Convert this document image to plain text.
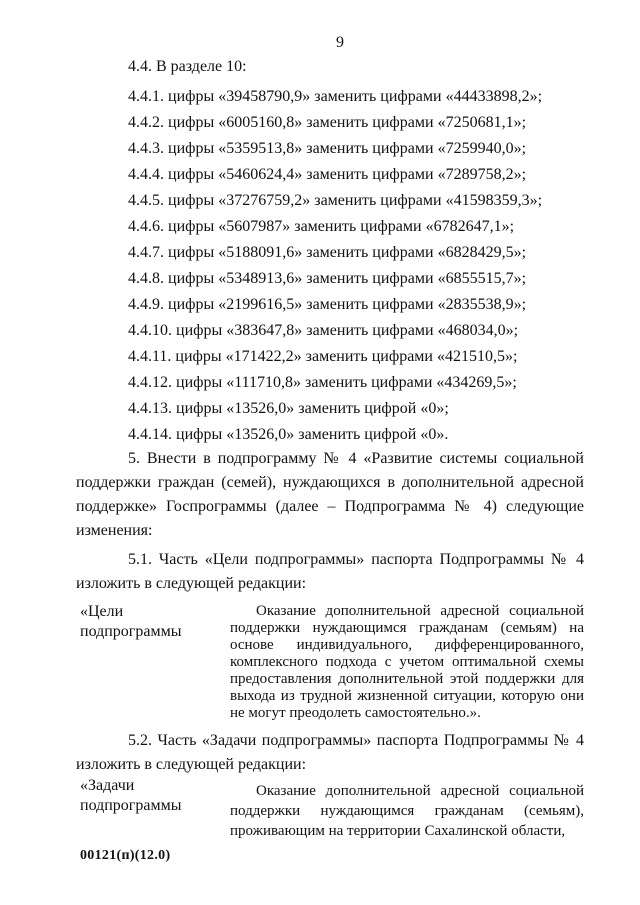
9
4.4. В разделе 10:
4.4.1. цифры «39458790,9» заменить цифрами «44433898,2»;
4.4.2. цифры «6005160,8» заменить цифрами «7250681,1»;
4.4.3. цифры «5359513,8» заменить цифрами «7259940,0»;
4.4.4. цифры «5460624,4» заменить цифрами «7289758,2»;
4.4.5. цифры «37276759,2» заменить цифрами «41598359,3»;
4.4.6. цифры «5607987» заменить цифрами «6782647,1»;
4.4.7. цифры «5188091,6» заменить цифрами «6828429,5»;
4.4.8. цифры «5348913,6» заменить цифрами «6855515,7»;
4.4.9. цифры «2199616,5» заменить цифрами «2835538,9»;
4.4.10. цифры «383647,8» заменить цифрами «468034,0»;
4.4.11. цифры «171422,2» заменить цифрами «421510,5»;
4.4.12. цифры «111710,8» заменить цифрами «434269,5»;
4.4.13. цифры «13526,0» заменить цифрой «0»;
4.4.14. цифры «13526,0» заменить цифрой «0».
5. Внести в подпрограмму № 4 «Развитие системы социальной поддержки граждан (семей), нуждающихся в дополнительной адресной поддержке» Госпрограммы (далее – Подпрограмма № 4) следующие изменения:
5.1. Часть «Цели подпрограммы» паспорта Подпрограммы № 4 изложить в следующей редакции:
«Цели подпрограммы
Оказание дополнительной адресной социальной поддержки нуждающимся гражданам (семьям) на основе индивидуального, дифференцированного, комплексного подхода с учетом оптимальной схемы предоставления дополнительной этой поддержки для выхода из трудной жизненной ситуации, которую они не могут преодолеть самостоятельно.».
5.2. Часть «Задачи подпрограммы» паспорта Подпрограммы № 4 изложить в следующей редакции:
«Задачи подпрограммы
Оказание дополнительной адресной социальной поддержки нуждающимся гражданам (семьям), проживающим на территории Сахалинской области,
00121(п)(12.0)
